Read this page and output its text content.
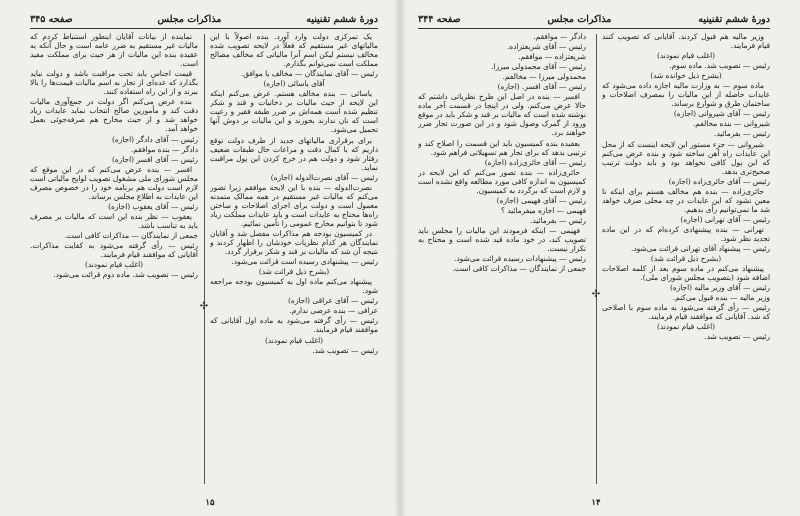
دورهٔ ششم تقنینیه
مذاکرات مجلس
صفحه ۳۴۵

یک تمرکزی دولت وارد آورد. بنده اصولاً با این مالیاتهای غیر مستقیم که فعلاً در لایحه تصویب شده مخالف نیستم لیکن اسم آنرا مالیاتی که مخالف مصالح مملکت است نمی‌توانم بگذارم.

رئیس — آقای نمایندگان — مخالف یا موافق.

آقای یاسائی (اجازه)

یاسائی — بنده مخالف هستم. عرض می‌کنم اینکه این لایحه از حیث مالیات بر دخانیات و قند و شکر تنظیم شده است همه‌اش بر ضرر طبقه فقیر و رعیت است که نان ندارند بخورند و این مالیات بر دوش آنها تحمیل می‌شود.

برای برقراری مالیاتهای جدید از طرف دولت توقع داریم که با کمال دقت و مراعات حال طبقات ضعیف رفتار شود و دولت هم در خرج کردن این پول مراقبت نماید.

رئیس — آقای نصرت‌الدوله (اجازه)

نصرت‌الدوله — بنده با این لایحه موافقم زیرا تصور می‌کنم که مالیات غیر مستقیم در همه ممالک متمدنه معمول است و دولت برای اجرای اصلاحات و ساختن راه‌ها محتاج به عایدات است و باید عایدات مملکت زیاد شود تا بتوانیم مخارج عمومی را تأمین نمائیم.

در کمیسیون بودجه هم مذاکرات مفصل شد و آقایان نمایندگان هر کدام نظریات خودشان را اظهار کردند و نتیجه آن شد که مالیات بر قند و شکر برقرار گردد.

رئیس — پیشنهادی رسیده است قرائت می‌شود.

(بشرح ذیل قرائت شد)

پیشنهاد می‌کنم ماده اول به کمیسیون بودجه مراجعه شود.

رئیس — آقای عراقی (اجازه)

عراقی — بنده عرضی ندارم.

رئیس — رأی گرفته می‌شود به ماده اول آقایانی که موافقند قیام فرمایند.

(اغلب قیام نمودند)

رئیس — تصویب شد.

نماینده از بیانات آقایان اینطور استنباط کردم که مالیات غیر مستقیم به ضرر عامه است و حال آنکه به عقیده بنده این مالیات از هر حیث برای مملکت مفید است.

قیمت اجناس باید تحت مراقبت باشد و دولت نباید بگذارد که عده‌ای از تجار به اسم مالیات قیمت‌ها را بالا ببرند و از این راه استفاده کنند.

بنده عرض می‌کنم اگر دولت در جمع‌آوری مالیات دقت کند و مأمورین صالح انتخاب نماید عایدات زیاد خواهد شد و از حیث مخارج هم صرفه‌جوئی بعمل خواهد آمد.

رئیس — آقای دادگر (اجازه)

دادگر — بنده موافقم.

رئیس — آقای افسر (اجازه)

افسر — بنده عرض می‌کنم که در این موقع که مجلس شورای ملی مشغول تصویب لوایح مالیاتی است لازم است دولت هم برنامه خود را در خصوص مصرف این عایدات به اطلاع مجلس برساند.

رئیس — آقای یعقوب (اجازه)

یعقوب — نظر بنده این است که مالیات بر مصرف باید به تناسب باشد.

جمعی از نمایندگان — مذاکرات کافی است.

رئیس — رأی گرفته می‌شود به کفایت مذاکرات. آقایانی که موافقند قیام فرمایند.

(اغلب قیام نمودند)

رئیس — تصویب شد. ماده دوم قرائت می‌شود.

✣
۱۵
دورهٔ ششم تقنینیه
مذاکرات مجلس
صفحه ۳۴۴

وزیر مالیه هم قبول کردند. آقایانی که تصویب کنند قیام فرمایند.

(اغلب قیام نمودند)

رئیس — تصویب شد. ماده سوم.

(بشرح ذیل خوانده شد)

ماده سوم — به وزارت مالیه اجازه داده می‌شود که عایدات حاصله از این مالیات را بمصرف اصلاحات و ساختمان طرق و شوارع برساند.

رئیس — آقای شیروانی (اجازه)

شیروانی — بنده مخالفم.

رئیس — بفرمائید.

شیروانی — جزء مستور این لایحه اینست که از محل این عایدات راه آهن ساخته شود و بنده عرض می‌کنم که این پول کافی نخواهد بود و باید دولت ترتیب صحیح‌تری بدهد.

رئیس — آقای حائری‌زاده (اجازه)

حائری‌زاده — بنده هم مخالف هستم برای اینکه تا معین نشود که این عایدات در چه محلی صرف خواهد شد ما نمی‌توانیم رأی بدهیم.

رئیس — آقای تهرانی (اجازه)

تهرانی — بنده پیشنهادی کرده‌ام که در این ماده تجدید نظر شود.

رئیس — پیشنهاد آقای تهرانی قرائت می‌شود.

(بشرح ذیل قرائت شد)

پیشنهاد می‌کنم در ماده سوم بعد از کلمه اصلاحات اضافه شود (بتصویب مجلس شورای ملی).

رئیس — آقای وزیر مالیه (اجازه)

وزیر مالیه — بنده قبول می‌کنم.

رئیس — رأی گرفته می‌شود به ماده سوم با اصلاحی که شد. آقایانی که موافقند قیام فرمایند.

(اغلب قیام نمودند)

رئیس — تصویب شد.

دادگر — موافقم.

رئیس — آقای شریعتزاده.

شریعتزاده — موافقم.

رئیس — آقای محمدولی میرزا.

محمدولی میرزا — مخالفم.

رئیس — آقای افسر. (اجازه)

افسر — بنده در اصل این طرح نظریاتی داشتم که حالا عرض می‌کنم. ولی در اینجا در قسمت آخر ماده نوشته شده است که مالیات بر قند و شکر باید در موقع ورود از گمرک وصول شود و در این صورت تجار ضرر خواهند برد.

بعقیده بنده کمیسیون باید این قسمت را اصلاح کند و ترتیبی بدهد که برای تجار هم تسهیلاتی فراهم شود.

رئیس — آقای حائری‌زاده (اجازه)

حائری‌زاده — بنده تصور می‌کنم که این لایحه در کمیسیون به اندازه کافی مورد مطالعه واقع نشده است و لازم است که برگردد به کمیسیون.

رئیس — آقای فهیمی (اجازه)

فهیمی — اجازه میفرمائید ؟

رئیس — بفرمائید.

فهیمی — اینکه فرمودند این مالیات را مجلس باید تصویب کند، در خود ماده قید شده است و محتاج به تکرار نیست.

رئیس — پیشنهادات رسیده قرائت می‌شود.

جمعی از نمایندگان — مذاکرات کافی است.

✣
۱۴
